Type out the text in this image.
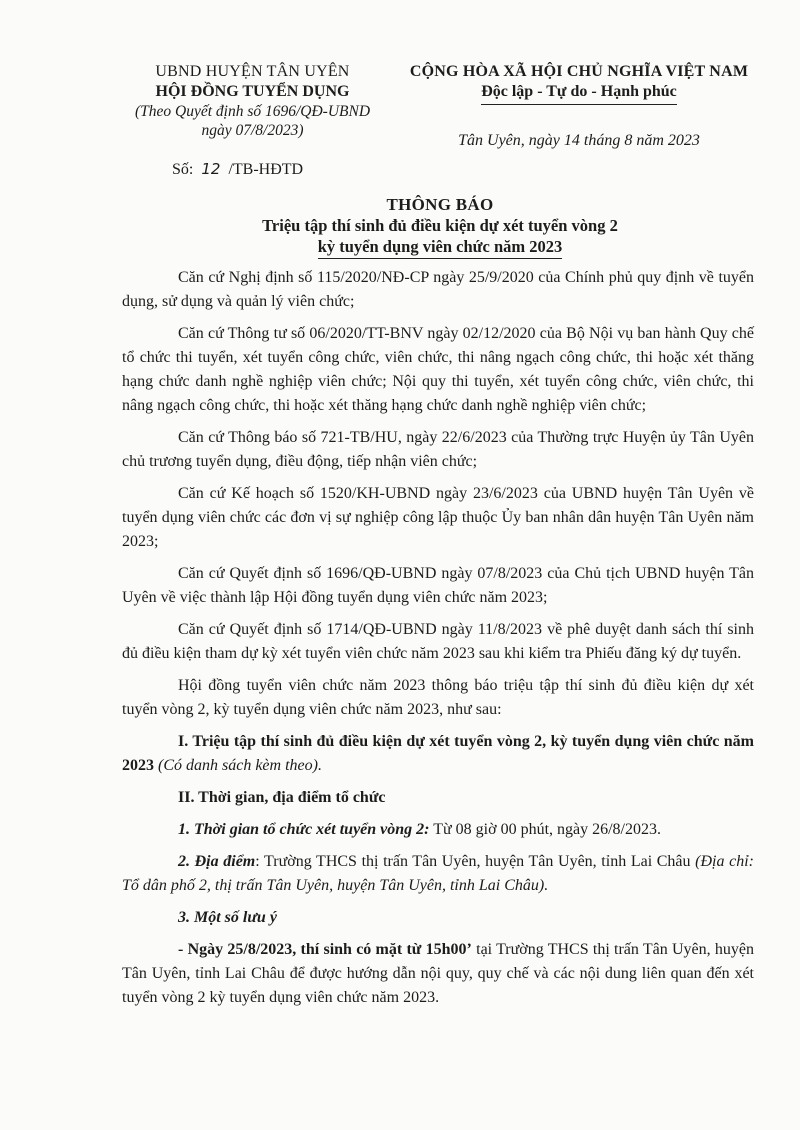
UBND HUYỆN TÂN UYÊN
HỘI ĐỒNG TUYỂN DỤNG
(Theo Quyết định số 1696/QĐ-UBND
ngày 07/8/2023)
CỘNG HÒA XÃ HỘI CHỦ NGHĨA VIỆT NAM
Độc lập - Tự do - Hạnh phúc
Tân Uyên, ngày 14 tháng 8 năm 2023
Số: 12 /TB-HĐTD
THÔNG BÁO
Triệu tập thí sinh đủ điều kiện dự xét tuyển vòng 2
kỳ tuyển dụng viên chức năm 2023

Căn cứ Nghị định số 115/2020/NĐ-CP ngày 25/9/2020 của Chính phủ quy định về tuyển dụng, sử dụng và quản lý viên chức;

Căn cứ Thông tư số 06/2020/TT-BNV ngày 02/12/2020 của Bộ Nội vụ ban hành Quy chế tổ chức thi tuyển, xét tuyển công chức, viên chức, thi nâng ngạch công chức, thi hoặc xét thăng hạng chức danh nghề nghiệp viên chức; Nội quy thi tuyển, xét tuyển công chức, viên chức, thi nâng ngạch công chức, thi hoặc xét thăng hạng chức danh nghề nghiệp viên chức;

Căn cứ Thông báo số 721-TB/HU, ngày 22/6/2023 của Thường trực Huyện ủy Tân Uyên chủ trương tuyển dụng, điều động, tiếp nhận viên chức;

Căn cứ Kế hoạch số 1520/KH-UBND ngày 23/6/2023 của UBND huyện Tân Uyên về tuyển dụng viên chức các đơn vị sự nghiệp công lập thuộc Ủy ban nhân dân huyện Tân Uyên năm 2023;

Căn cứ Quyết định số 1696/QĐ-UBND ngày 07/8/2023 của Chủ tịch UBND huyện Tân Uyên về việc thành lập Hội đồng tuyển dụng viên chức năm 2023;

Căn cứ Quyết định số 1714/QĐ-UBND ngày 11/8/2023 về phê duyệt danh sách thí sinh đủ điều kiện tham dự kỳ xét tuyển viên chức năm 2023 sau khi kiểm tra Phiếu đăng ký dự tuyển.

Hội đồng tuyển viên chức năm 2023 thông báo triệu tập thí sinh đủ điều kiện dự xét tuyển vòng 2, kỳ tuyển dụng viên chức năm 2023, như sau:

I. Triệu tập thí sinh đủ điều kiện dự xét tuyển vòng 2, kỳ tuyển dụng viên chức năm 2023 (Có danh sách kèm theo).

II. Thời gian, địa điểm tổ chức

1. Thời gian tổ chức xét tuyển vòng 2: Từ 08 giờ 00 phút, ngày 26/8/2023.

2. Địa điểm: Trường THCS thị trấn Tân Uyên, huyện Tân Uyên, tỉnh Lai Châu (Địa chỉ: Tổ dân phố 2, thị trấn Tân Uyên, huyện Tân Uyên, tỉnh Lai Châu).

3. Một số lưu ý

- Ngày 25/8/2023, thí sinh có mặt từ 15h00’ tại Trường THCS thị trấn Tân Uyên, huyện Tân Uyên, tỉnh Lai Châu để được hướng dẫn nội quy, quy chế và các nội dung liên quan đến xét tuyển vòng 2 kỳ tuyển dụng viên chức năm 2023.
